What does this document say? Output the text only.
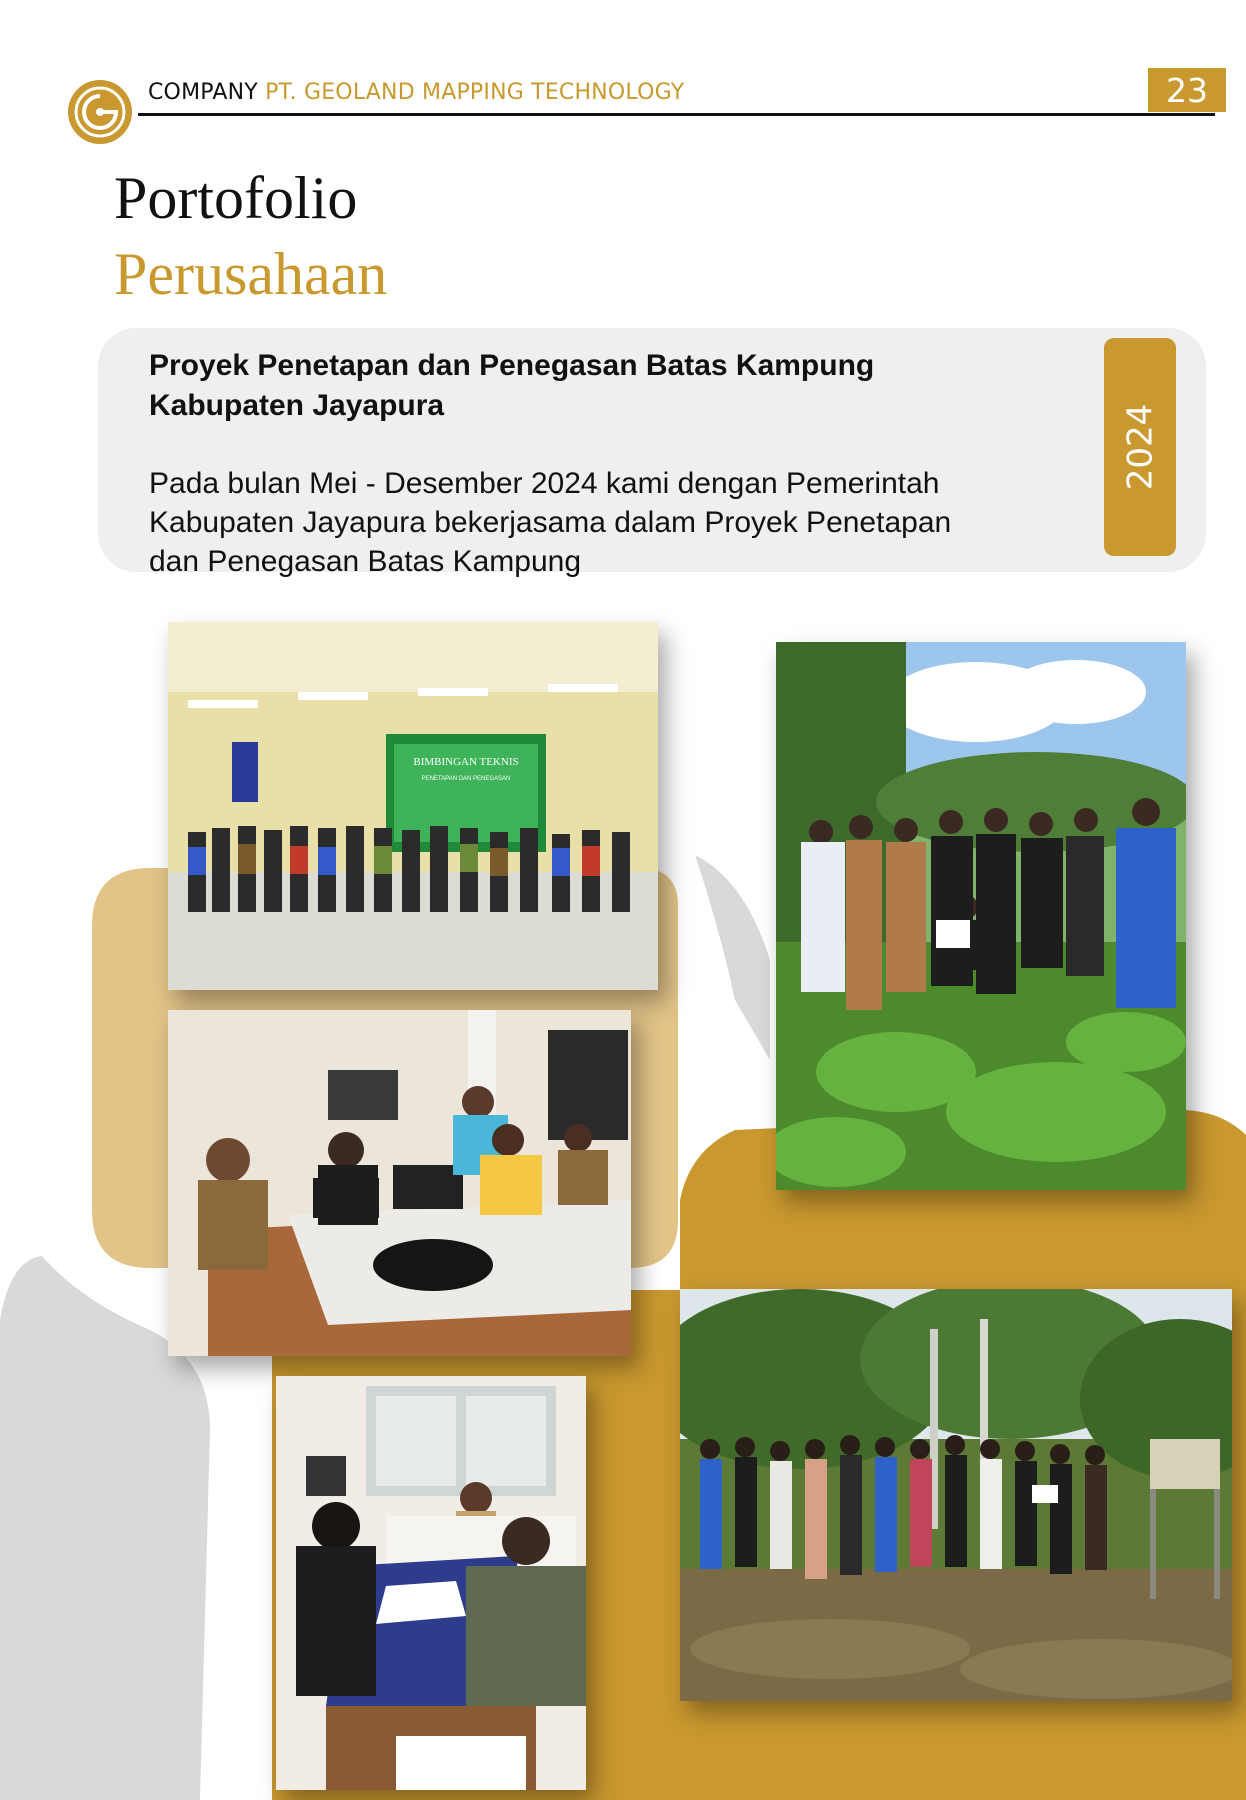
COMPANY PT. GEOLAND MAPPING TECHNOLOGY	23
Portofolio
Perusahaan
Proyek Penetapan dan Penegasan Batas Kampung
Kabupaten Jayapura
Pada bulan Mei - Desember 2024 kami dengan Pemerintah
Kabupaten Jayapura bekerjasama dalam Proyek Penetapan
dan Penegasan Batas Kampung
2024
BIMBINGAN TEKNIS
PENETAPAN DAN PENEGASAN
